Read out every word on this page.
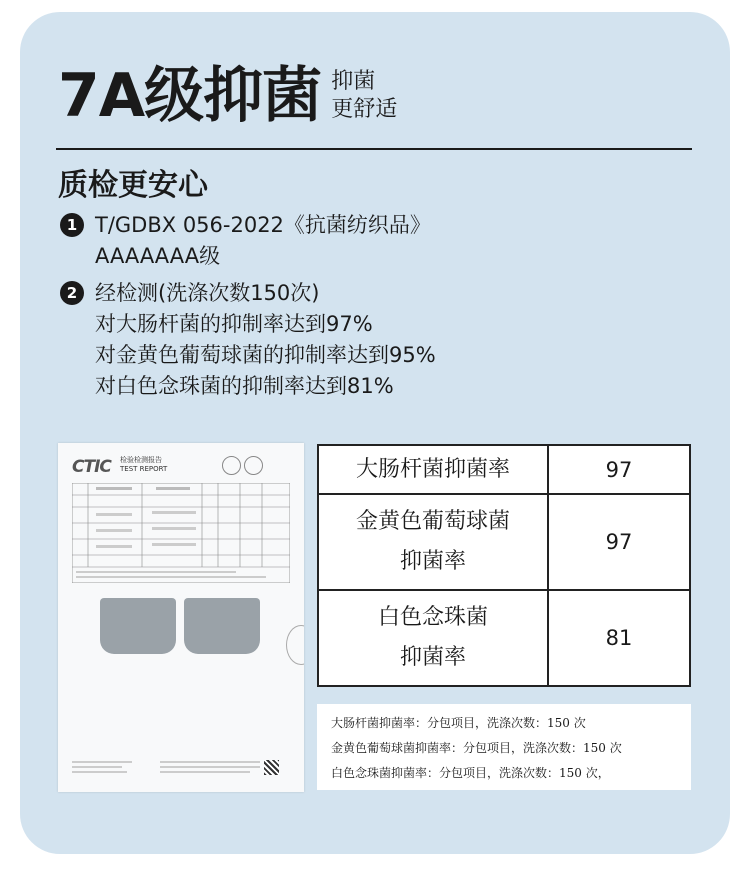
7A级抑菌 抑菌
更舒适
质检更安心
1 T/GDBX 056-2022《抗菌纺织品》
AAAAAAA级
2 经检测(洗涤次数150次)
对大肠杆菌的抑制率达到97%
对金黄色葡萄球菌的抑制率达到95%
对白色念珠菌的抑制率达到81%
CTIC 检验检测报告
TEST REPORT	大肠杆菌抑菌率	97

金黄色葡萄球菌
抑菌率	97

白色念珠菌
抑菌率	81
大肠杆菌抑菌率：分包项目，洗涤次数：150 次
金黄色葡萄球菌抑菌率：分包项目，洗涤次数：150 次
白色念珠菌抑菌率：分包项目，洗涤次数：150 次，
